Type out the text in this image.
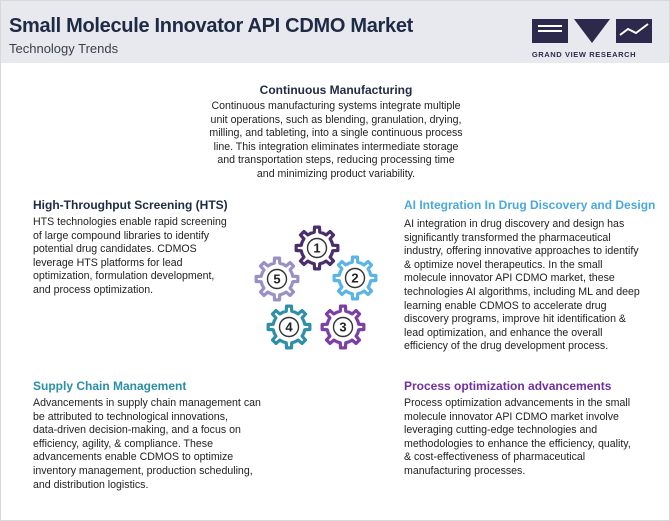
Small Molecule Innovator API CDMO Market
Technology Trends	GRAND VIEW RESEARCH
Continuous Manufacturing
Continuous manufacturing systems integrate multiple
unit operations, such as blending, granulation, drying,
milling, and tableting, into a single continuous process
line. This integration eliminates intermediate storage
and transportation steps, reducing processing time
and minimizing product variability.
High-Throughput Screening (HTS)
HTS technologies enable rapid screening
of large compound libraries to identify
potential drug candidates. CDMOS
leverage HTS platforms for lead
optimization, formulation development,
and process optimization.
AI Integration In Drug Discovery and Design
AI integration in drug discovery and design has
significantly transformed the pharmaceutical
industry, offering innovative approaches to identify
& optimize novel therapeutics. In the small
molecule innovator API CDMO market, these
technologies AI algorithms, including ML and deep
learning enable CDMOS to accelerate drug
discovery programs, improve hit identification &
lead optimization, and enhance the overall
efficiency of the drug development process.
1
2
3
4
5
Supply Chain Management
Advancements in supply chain management can
be attributed to technological innovations,
data-driven decision-making, and a focus on
efficiency, agility, & compliance. These
advancements enable CDMOS to optimize
inventory management, production scheduling,
and distribution logistics.
Process optimization advancements
Process optimization advancements in the small
molecule innovator API CDMO market involve
leveraging cutting-edge technologies and
methodologies to enhance the efficiency, quality,
& cost-effectiveness of pharmaceutical
manufacturing processes.
